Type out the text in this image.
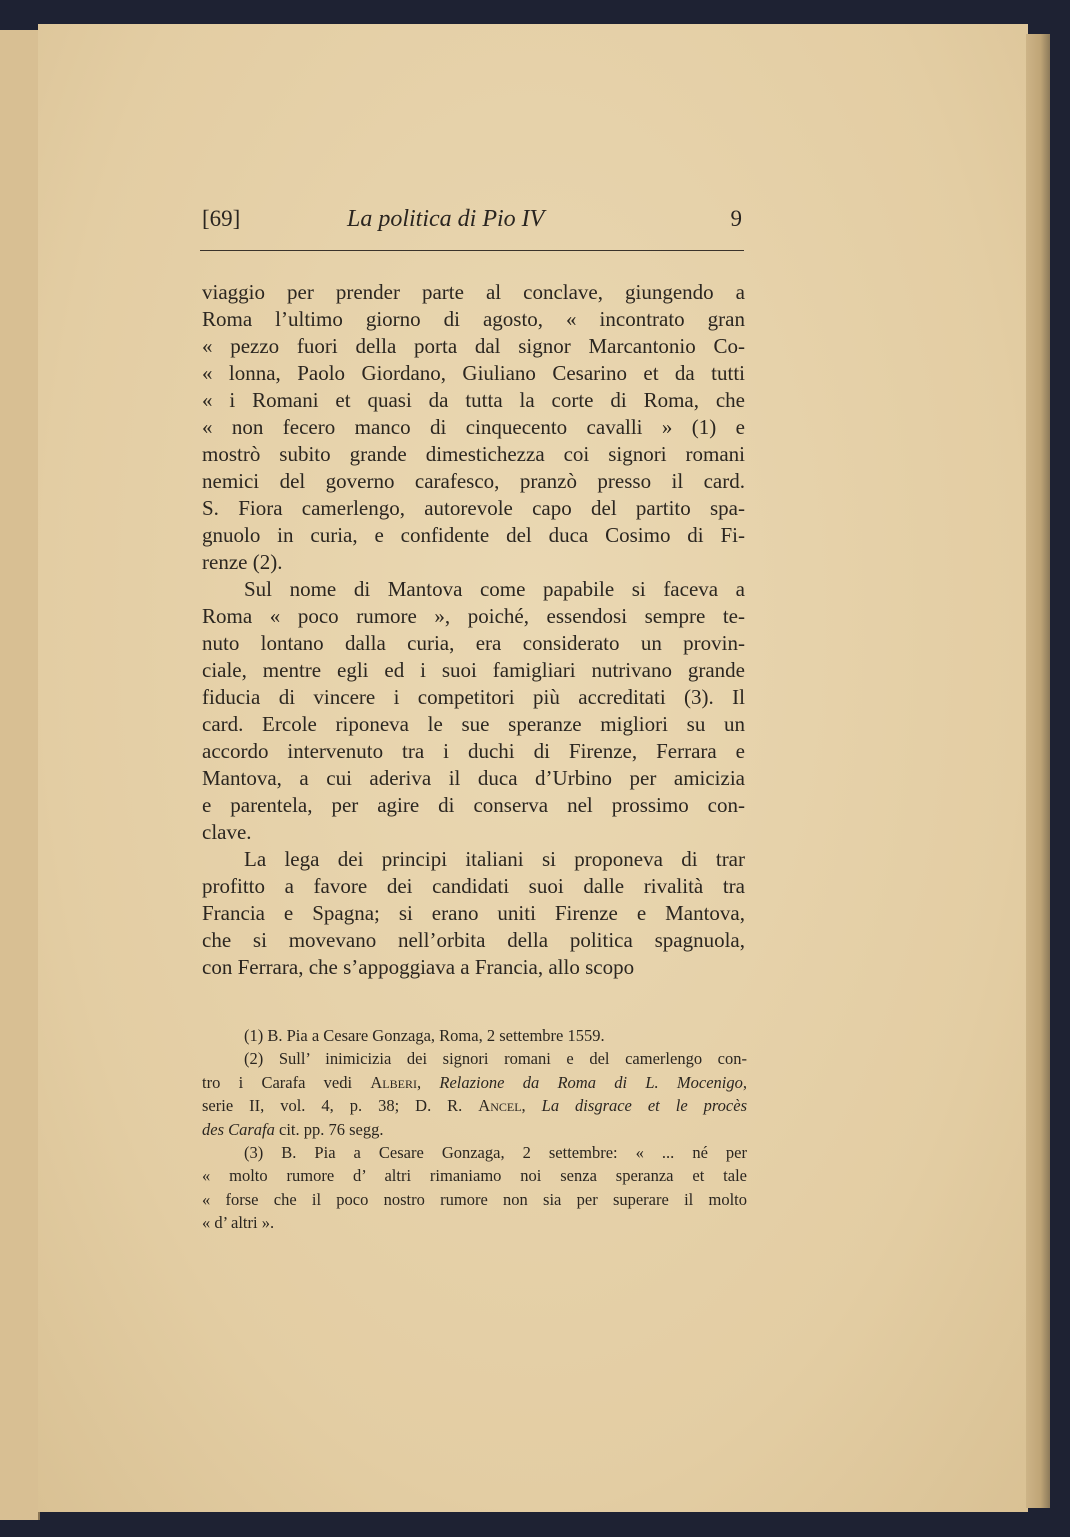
[69]	La politica di Pio IV	9
viaggio per prender parte al conclave, giungendo a
Roma l’ultimo giorno di agosto, « incontrato gran
« pezzo fuori della porta dal signor Marcantonio Co-
« lonna, Paolo Giordano, Giuliano Cesarino et da tutti
« i Romani et quasi da tutta la corte di Roma, che
« non fecero manco di cinquecento cavalli » (1) e
mostrò subito grande dimestichezza coi signori romani
nemici del governo carafesco, pranzò presso il card.
S. Fiora camerlengo, autorevole capo del partito spa-
gnuolo in curia, e confidente del duca Cosimo di Fi-
renze (2).
Sul nome di Mantova come papabile si faceva a
Roma « poco rumore », poiché, essendosi sempre te-
nuto lontano dalla curia, era considerato un provin-
ciale, mentre egli ed i suoi famigliari nutrivano grande
fiducia di vincere i competitori più accreditati (3). Il
card. Ercole riponeva le sue speranze migliori su un
accordo intervenuto tra i duchi di Firenze, Ferrara e
Mantova, a cui aderiva il duca d’Urbino per amicizia
e parentela, per agire di conserva nel prossimo con-
clave.
La lega dei principi italiani si proponeva di trar
profitto a favore dei candidati suoi dalle rivalità tra
Francia e Spagna; si erano uniti Firenze e Mantova,
che si movevano nell’orbita della politica spagnuola,
con Ferrara, che s’appoggiava a Francia, allo scopo
(1) B. Pia a Cesare Gonzaga, Roma, 2 settembre 1559.
(2) Sull’ inimicizia dei signori romani e del camerlengo con-
tro i Carafa vedi Alberi, Relazione da Roma di L. Mocenigo,
serie II, vol. 4, p. 38; D. R. Ancel, La disgrace et le procès
des Carafa cit. pp. 76 segg.
(3) B. Pia a Cesare Gonzaga, 2 settembre: « ... né per
« molto rumore d’ altri rimaniamo noi senza speranza et tale
« forse che il poco nostro rumore non sia per superare il molto
« d’ altri ».
